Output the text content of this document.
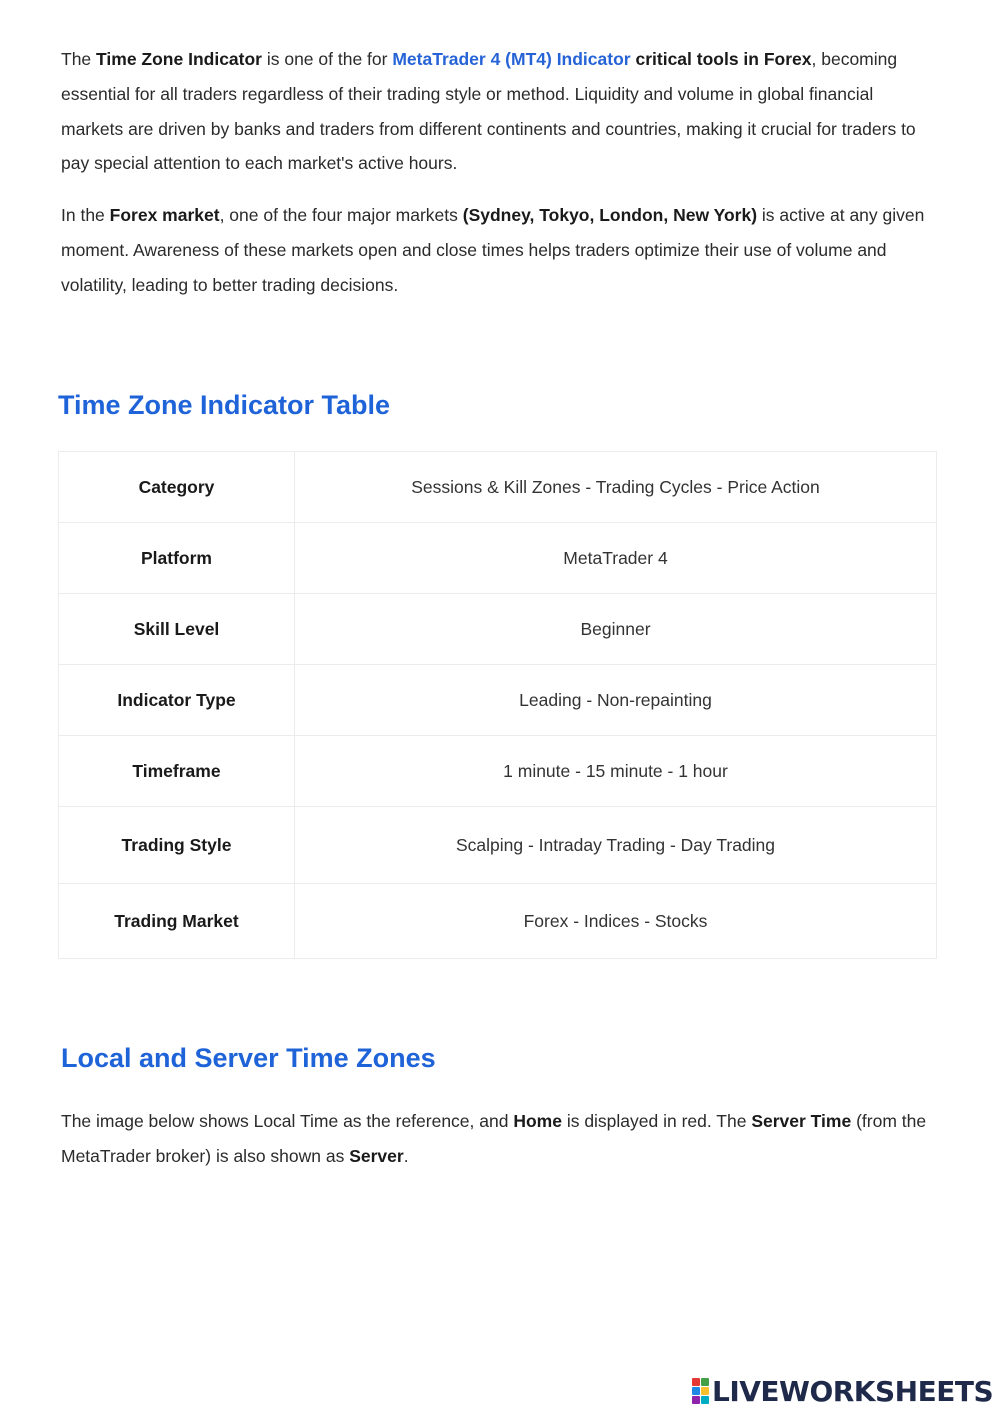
The Time Zone Indicator is one of the for MetaTrader 4 (MT4) Indicator critical tools in Forex, becoming essential for all traders regardless of their trading style or method. Liquidity and volume in global financial markets are driven by banks and traders from different continents and countries, making it crucial for traders to pay special attention to each market's active hours.

In the Forex market, one of the four major markets (Sydney, Tokyo, London, New York) is active at any given moment. Awareness of these markets open and close times helps traders optimize their use of volume and volatility, leading to better trading decisions.

Time Zone Indicator Table
Category	Sessions & Kill Zones - Trading Cycles - Price Action
Platform	MetaTrader 4
Skill Level	Beginner
Indicator Type	Leading - Non-repainting
Timeframe	1 minute - 15 minute - 1 hour
Trading Style	Scalping - Intraday Trading - Day Trading
Trading Market	Forex - Indices - Stocks
Local and Server Time Zones

The image below shows Local Time as the reference, and Home is displayed in red. The Server Time (from the MetaTrader broker) is also shown as Server.

LIVEWORKSHEETS
